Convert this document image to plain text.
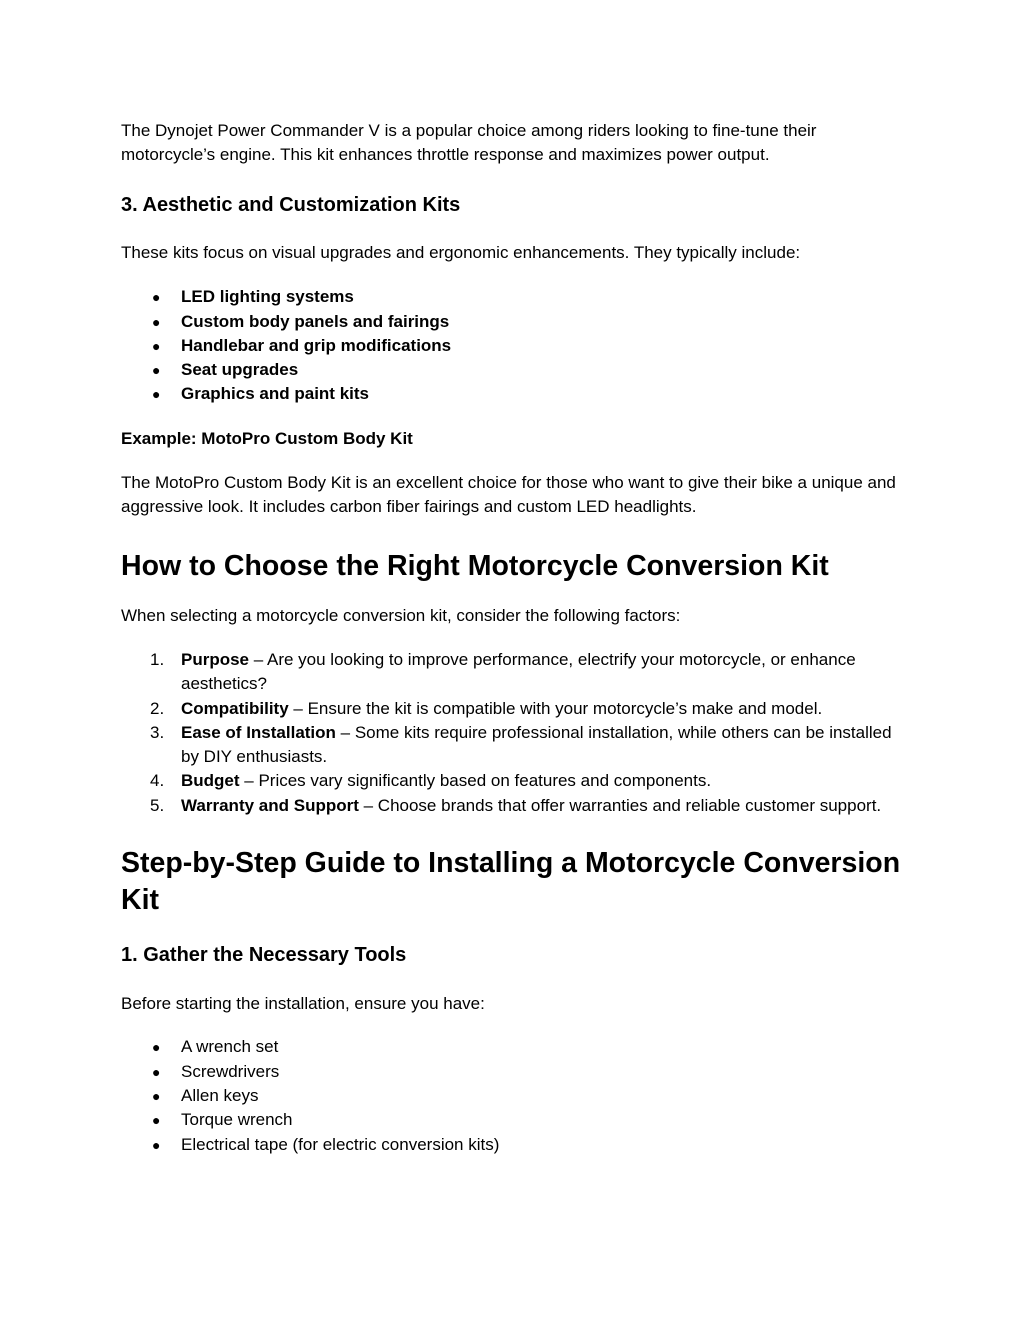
The Dynojet Power Commander V is a popular choice among riders looking to fine-tune their motorcycle’s engine. This kit enhances throttle response and maximizes power output.

3. Aesthetic and Customization Kits

These kits focus on visual upgrades and ergonomic enhancements. They typically include:

●	LED lighting systems
●	Custom body panels and fairings
●	Handlebar and grip modifications
●	Seat upgrades
●	Graphics and paint kits
Example: MotoPro Custom Body Kit

The MotoPro Custom Body Kit is an excellent choice for those who want to give their bike a unique and aggressive look. It includes carbon fiber fairings and custom LED headlights.

How to Choose the Right Motorcycle Conversion Kit

When selecting a motorcycle conversion kit, consider the following factors:

1. Purpose – Are you looking to improve performance, electrify your motorcycle, or enhance aesthetics?
2. Compatibility – Ensure the kit is compatible with your motorcycle’s make and model.
3. Ease of Installation – Some kits require professional installation, while others can be installed by DIY enthusiasts.
4. Budget – Prices vary significantly based on features and components.
5. Warranty and Support – Choose brands that offer warranties and reliable customer support.
Step-by-Step Guide to Installing a Motorcycle Conversion Kit
1. Gather the Necessary Tools

Before starting the installation, ensure you have:

●	A wrench set
●	Screwdrivers
●	Allen keys
●	Torque wrench
●	Electrical tape (for electric conversion kits)
